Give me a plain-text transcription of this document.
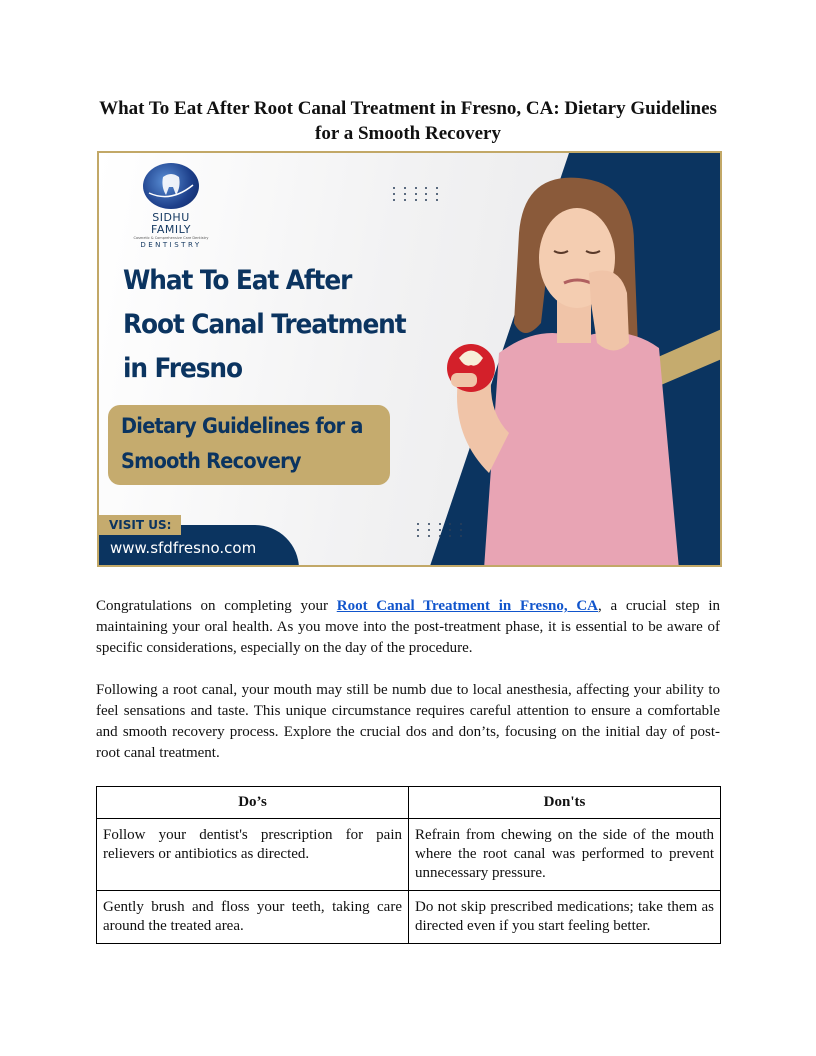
What To Eat After Root Canal Treatment in Fresno, CA: Dietary Guidelines for a Smooth Recovery
SIDHU FAMILY
Cosmetic & Comprehensive Care Dentistry
DENTISTRY
What To Eat After
Root Canal Treatment
in Fresno
Dietary Guidelines for a
Smooth Recovery
VISIT US:
www.sfdfresno.com

Congratulations on completing your Root Canal Treatment in Fresno, CA, a crucial step in maintaining your oral health. As you move into the post-treatment phase, it is essential to be aware of specific considerations, especially on the day of the procedure.

Following a root canal, your mouth may still be numb due to local anesthesia, affecting your ability to feel sensations and taste. This unique circumstance requires careful attention to ensure a comfortable and smooth recovery process. Explore the crucial dos and don’ts, focusing on the initial day of post-root canal treatment.

Do’s	Don'ts
Follow your dentist's prescription for pain relievers or antibiotics as directed.	Refrain from chewing on the side of the mouth where the root canal was performed to prevent unnecessary pressure.
Gently brush and floss your teeth, taking care around the treated area.	Do not skip prescribed medications; take them as directed even if you start feeling better.
